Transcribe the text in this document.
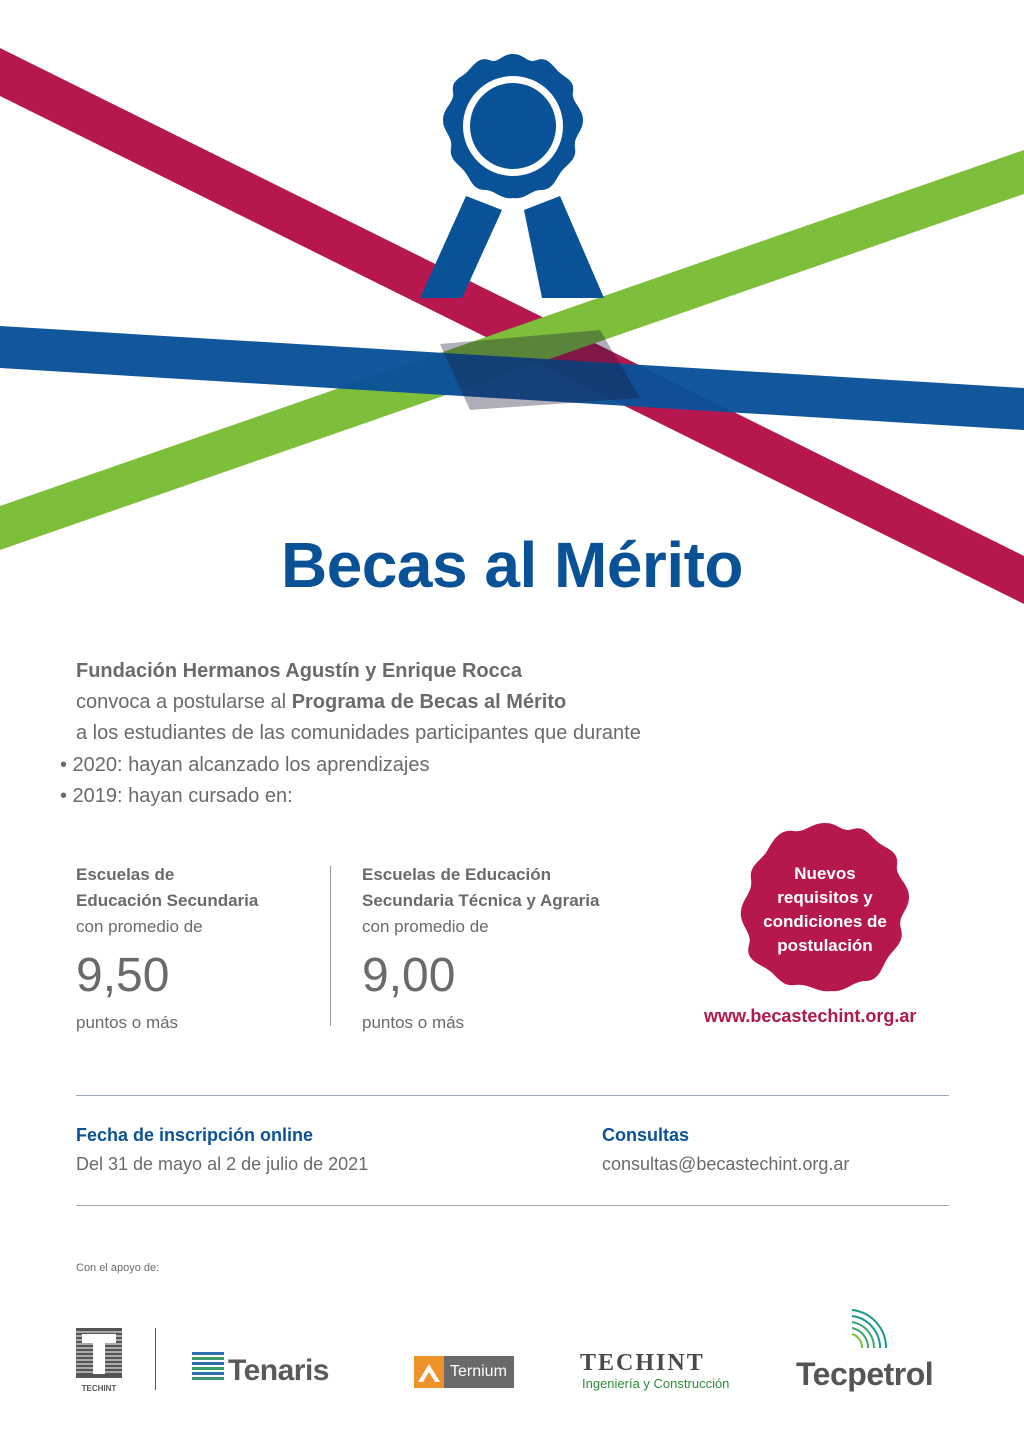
Becas al Mérito

Fundación Hermanos Agustín y Enrique Rocca

convoca a postularse al Programa de Becas al Mérito

a los estudiantes de las comunidades participantes que durante

• 2020: hayan alcanzado los aprendizajes

• 2019: hayan cursado en:

Escuelas de
Educación Secundaria
con promedio de
9,50
puntos o más
Escuelas de Educación
Secundaria Técnica y Agraria
con promedio de
9,00
puntos o más
Nuevos
requisitos y
condiciones de
postulación
www.becastechint.org.ar
Fecha de inscripción online
Del 31 de mayo al 2 de julio de 2021
Consultas
consultas@becastechint.org.ar
Con el apoyo de:
TECHINT
Tenaris	Ternium	TECHINT
Ingeniería y Construcción Tecpetrol
